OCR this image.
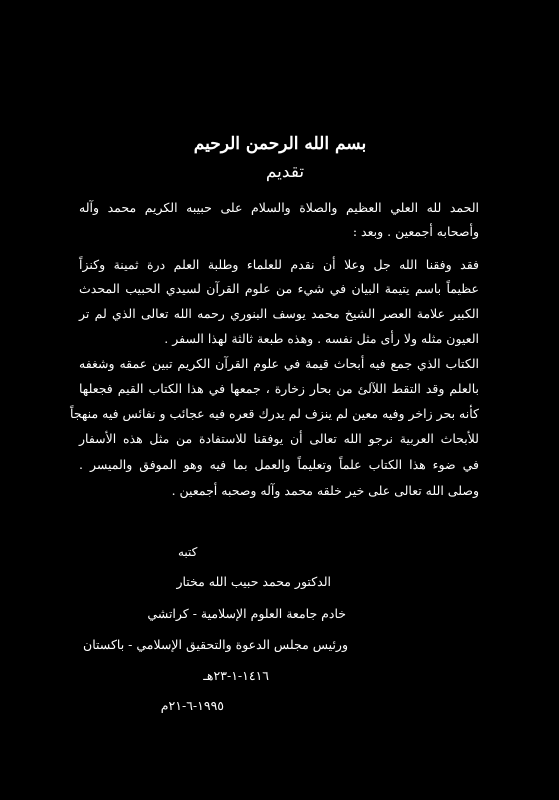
بسم الله الرحمن الرحيم
تقديم
الحمد لله العلي العظيم والصلاة والسلام على حبيبه الكريم محمد وآله
وأصحابه أجمعين . وبعد :
فقد وفقنا الله جل وعلا أن نقدم للعلماء وطلبة العلم درة ثمينة وكنزاً
عظيماً باسم يتيمة البيان في شيء من علوم القرآن لسيدي الحبيب المحدث
الكبير علامة العصر الشيخ محمد يوسف البنوري رحمه الله تعالى الذي لم تر
العيون مثله ولا رأى مثل نفسه . وهذه طبعة ثالثة لهذا السفر .
الكتاب الذي جمع فيه أبحاث قيمة في علوم القرآن الكريم تبين عمقه وشغفه
بالعلم وقد التقط اللآلئ من بحار زخارة ، جمعها في هذا الكتاب القيم فجعلها
كأنه بحر زاخر وفيه معين لم ينزف لم يدرك قعره فيه عجائب و نفائس فيه منهجاً
للأبحاث العربية نرجو الله تعالى أن يوفقنا للاستفادة من مثل هذه الأسفار
في ضوء هذا الكتاب علماً وتعليماً والعمل بما فيه وهو الموفق والميسر .
وصلى الله تعالى على خير خلقه محمد وآله وصحبه أجمعين .
كتبه
الدكتور محمد حبيب الله مختار
خادم جامعة العلوم الإسلامية - كراتشي
ورئيس مجلس الدعوة والتحقيق الإسلامي - باكستان
١٤١٦-١-٢٣هـ
١٩٩٥-٦-٢١م
